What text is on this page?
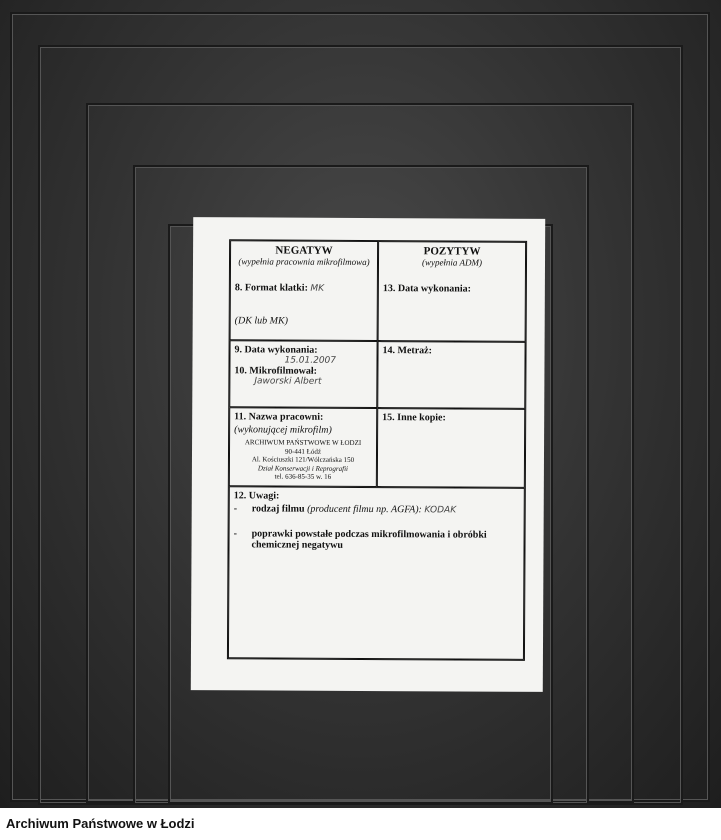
NEGATYW
(wypełnia pracownia mikrofilmowa)
8. Format klatki: MK
(DK lub MK)
POZYTYW
(wypełnia ADM)
13. Data wykonania:
9. Data wykonania:
15.01.2007
10. Mikrofilmował:
Jaworski Albert
14. Metraż:
11. Nazwa pracowni:
(wykonującej mikrofilm)
ARCHIWUM PAŃSTWOWE W ŁODZI
90-441 Łódź
Al. Kościuszki 121/Wólczańska 150
Dział Konserwacji i Reprografii
tel. 636-85-35 w. 16
15. Inne kopie:
12. Uwagi:
-	rodzaj filmu (producent filmu np. AGFA): KODAK
-	poprawki powstałe podczas mikrofilmowania i obróbki chemicznej negatywu
Archiwum Państwowe w Łodzi
